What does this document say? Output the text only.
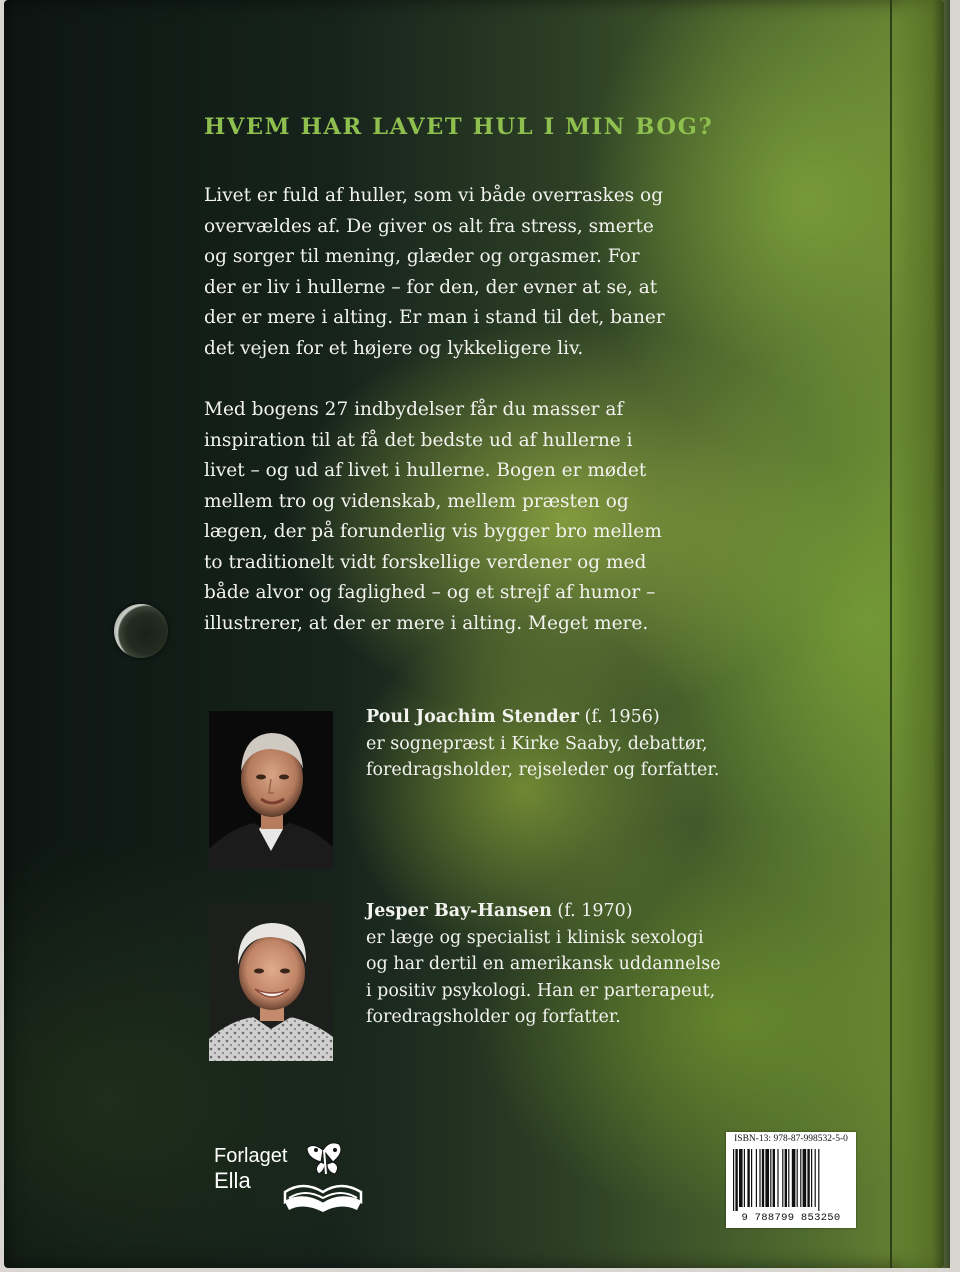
HVEM HAR LAVET HUL I MIN BOG?
Livet er fuld af huller, som vi både overraskes og
overvældes af. De giver os alt fra stress, smerte
og sorger til mening, glæder og orgasmer. For
der er liv i hullerne – for den, der evner at se, at
der er mere i alting. Er man i stand til det, baner
det vejen for et højere og lykkeligere liv.
Med bogens 27 indbydelser får du masser af
inspiration til at få det bedste ud af hullerne i
livet – og ud af livet i hullerne. Bogen er mødet
mellem tro og videnskab, mellem præsten og
lægen, der på forunderlig vis bygger bro mellem
to traditionelt vidt forskellige verdener og med
både alvor og faglighed – og et strejf af humor –
illustrerer, at der er mere i alting. Meget mere.
Poul Joachim Stender (f. 1956)
er sognepræst i Kirke Saaby, debattør,
foredragsholder, rejseleder og forfatter.
Jesper Bay-Hansen (f. 1970)
er læge og specialist i klinisk sexologi
og har dertil en amerikansk uddannelse
i positiv psykologi. Han er parterapeut,
foredragsholder og forfatter.
Forlaget
Ella
ISBN-13: 978-87-998532-5-0
9 788799 853250
